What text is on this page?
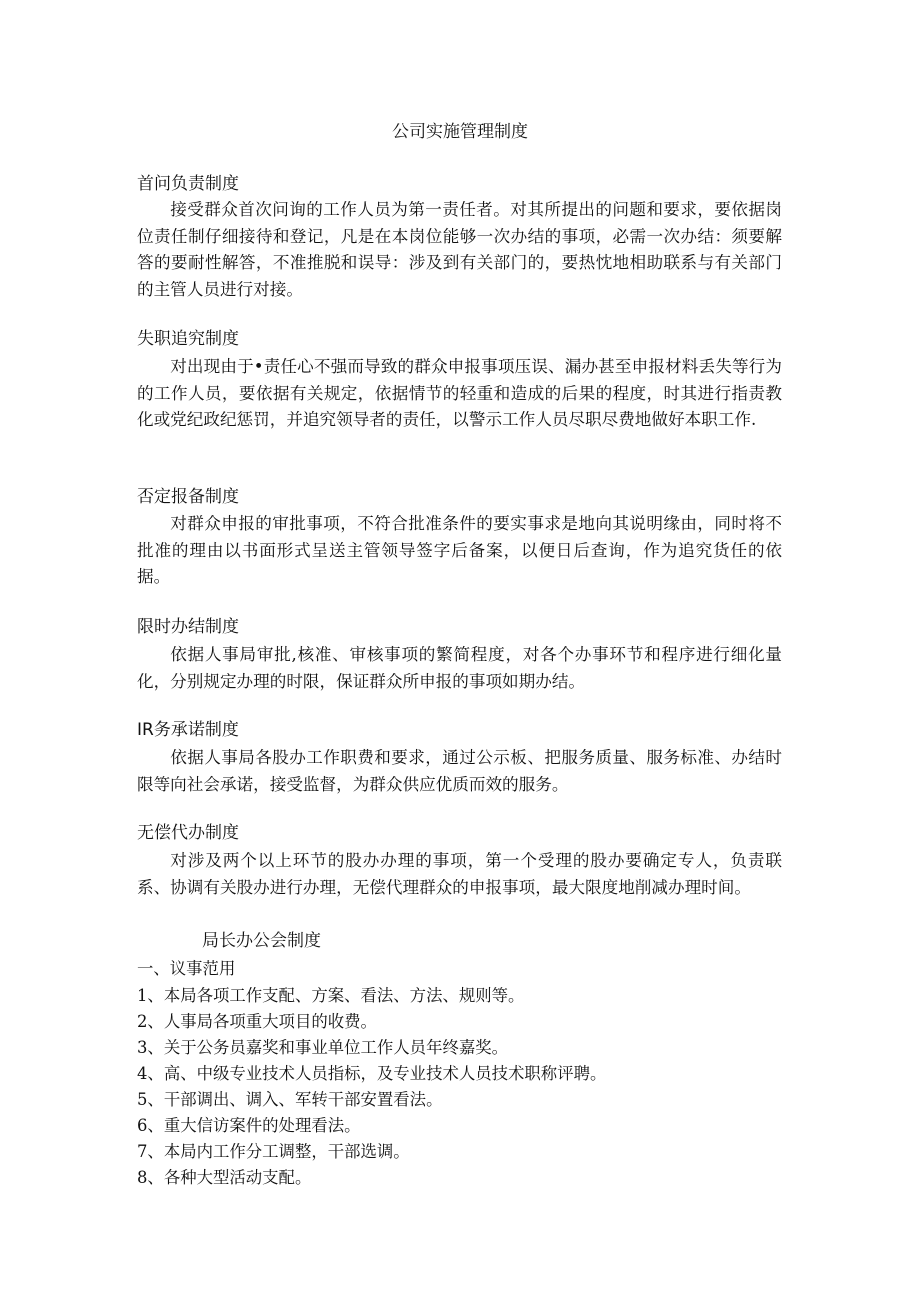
公司实施管理制度
首问负责制度

接受群众首次问询的工作人员为第一责任者。对其所提出的问题和要求，要依据岗位责任制仔细接待和登记，凡是在本岗位能够一次办结的事项，必需一次办结：须要解答的要耐性解答，不准推脱和误导：涉及到有关部门的，要热忱地相助联系与有关部门的主管人员进行对接。

失职追究制度

对出现由于•责任心不强而导致的群众申报事项压误、漏办甚至申报材料丢失等行为的工作人员，要依据有关规定，依据情节的轻重和造成的后果的程度，时其进行指责教化或党纪政纪惩罚，并追究领导者的责任，以警示工作人员尽职尽费地做好本职工作.

否定报备制度

对群众申报的审批事项，不符合批准条件的要实事求是地向其说明缘由，同时将不批准的理由以书面形式呈送主管领导签字后备案，以便日后查询，作为追究货任的依据。

限时办结制度

依据人事局审批,核准、审核事项的繁简程度，对各个办事环节和程序进行细化量化，分别规定办理的时限，保证群众所申报的事项如期办结。

IR务承诺制度

依据人事局各股办工作职费和要求，通过公示板、把服务质量、服务标准、办结时限等向社会承诺，接受监督，为群众供应优质而效的服务。

无偿代办制度

对涉及两个以上环节的股办办理的事项，第一个受理的股办要确定专人，负责联系、协调有关股办进行办理，无偿代理群众的申报事项，最大限度地削减办理时间。

局长办公会制度
一、议事范用
1、本局各项工作支配、方案、看法、方法、规则等。
2、人事局各项重大项目的收费。
3、关于公务员嘉奖和事业单位工作人员年终嘉奖。
4、高、中级专业技术人员指标，及专业技术人员技术职称评聘。
5、干部调出、调入、军转干部安置看法。
6、重大信访案件的处理看法。
7、本局内工作分工调整，干部选调。
8、各种大型活动支配。
